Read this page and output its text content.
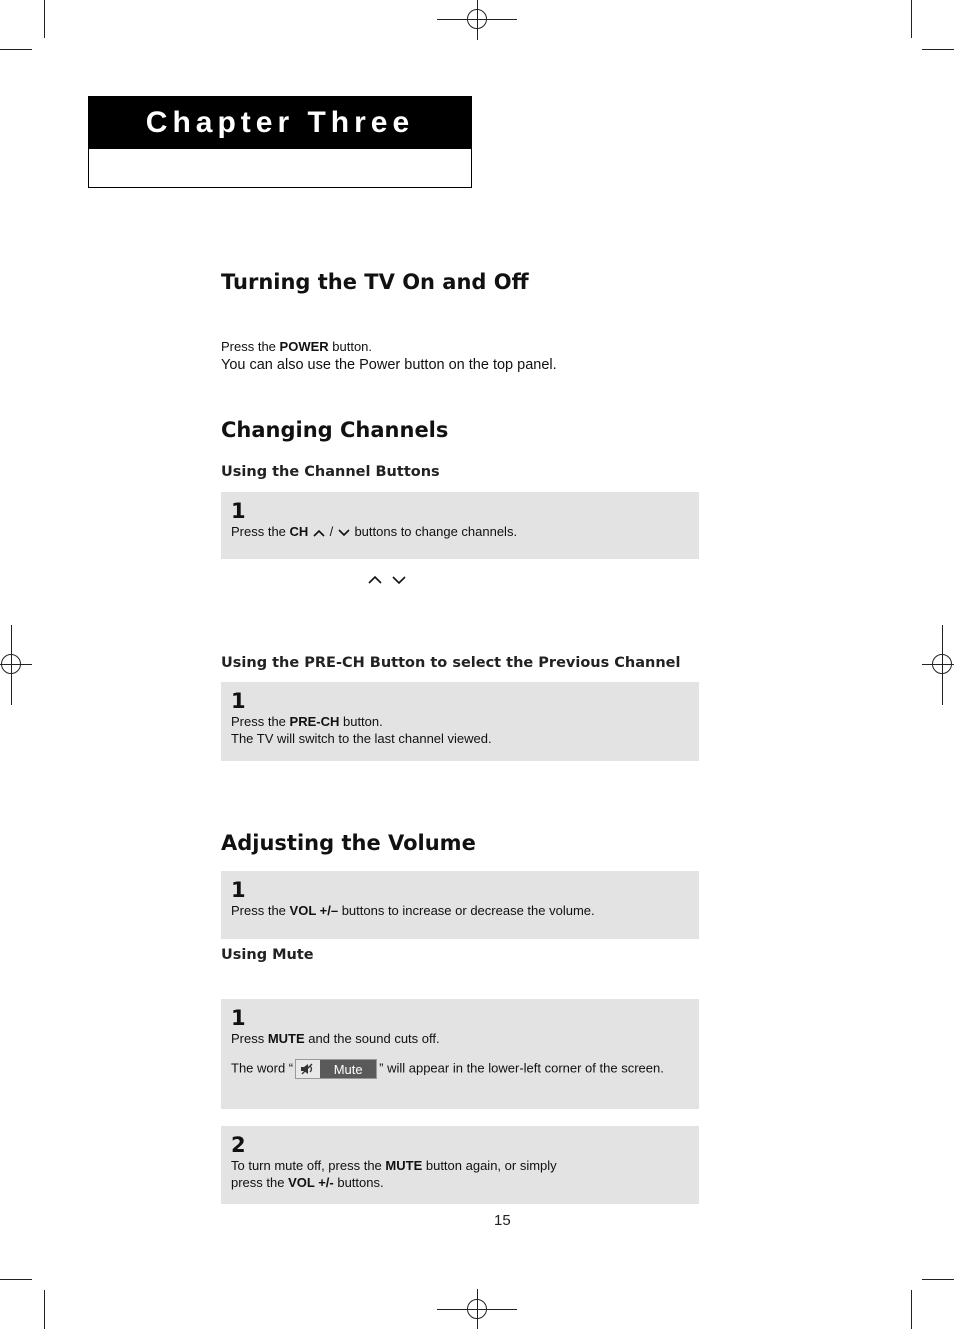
Chapter Three
Turning the TV On and Off
Press the POWER button.
You can also use the Power button on the top panel.
Changing Channels
Using the Channel Buttons
1
Press the CH / buttons to change channels.

Using the PRE-CH Button to select the Previous Channel
1
Press the PRE-CH button.
The TV will switch to the last channel viewed.
Adjusting the Volume
1
Press the VOL +/– buttons to increase or decrease the volume.
Using Mute
1
Press MUTE and the sound cuts off.
The word “	Mute	” will appear in the lower-left corner of the screen.
2
To turn mute off, press the MUTE button again, or simply
press the VOL +/- buttons.
15
